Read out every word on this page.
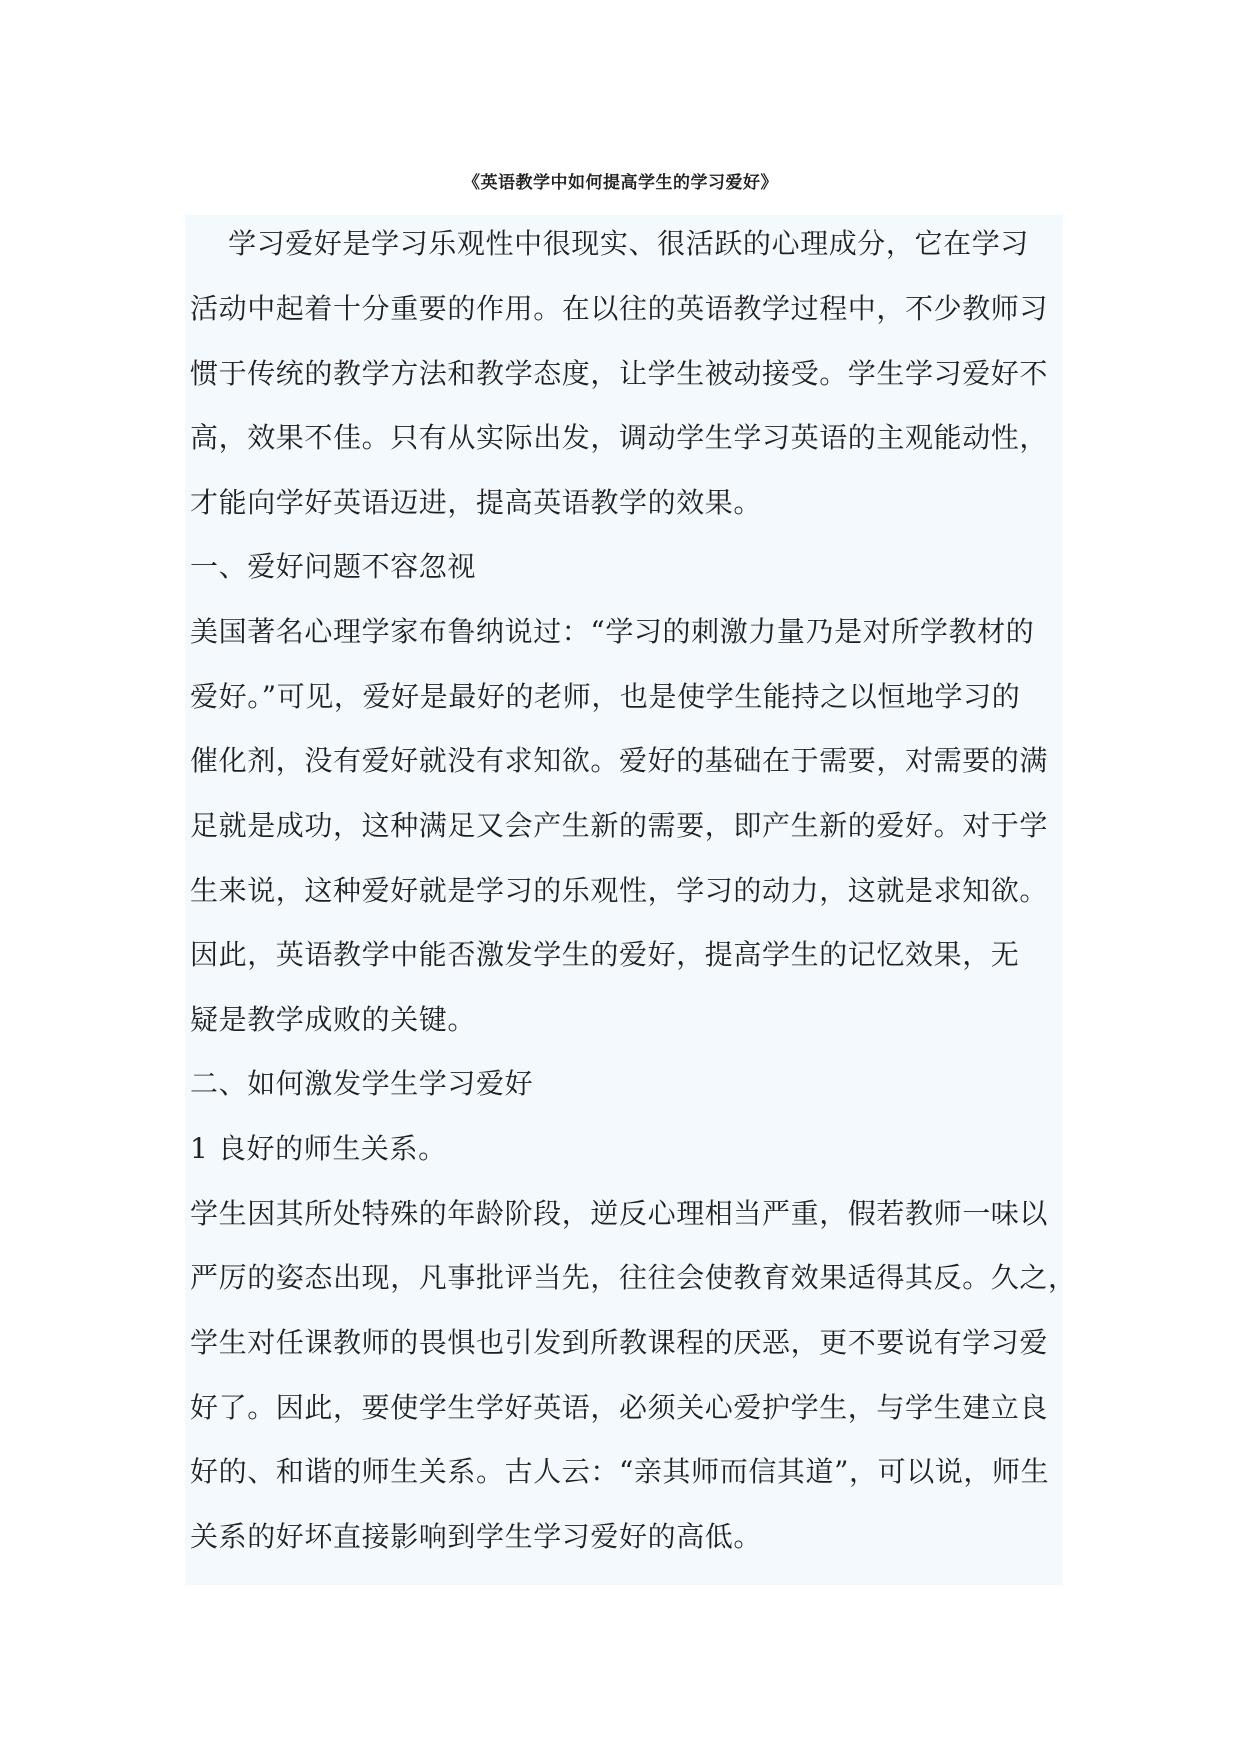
《英语教学中如何提高学生的学习爱好》
　 学习爱好是学习乐观性中很现实、很活跃的心理成分，它在学习
活动中起着十分重要的作用。在以往的英语教学过程中，不少教师习
惯于传统的教学方法和教学态度，让学生被动接受。学生学习爱好不
高，效果不佳。只有从实际出发，调动学生学习英语的主观能动性，
才能向学好英语迈进，提高英语教学的效果。
一、爱好问题不容忽视
美国著名心理学家布鲁纳说过：“学习的刺激力量乃是对所学教材的
爱好。”可见，爱好是最好的老师，也是使学生能持之以恒地学习的
催化剂，没有爱好就没有求知欲。爱好的基础在于需要，对需要的满
足就是成功，这种满足又会产生新的需要，即产生新的爱好。对于学
生来说，这种爱好就是学习的乐观性，学习的动力，这就是求知欲。
因此，英语教学中能否激发学生的爱好，提高学生的记忆效果，无
疑是教学成败的关键。
二、如何激发学生学习爱好
1 良好的师生关系。
学生因其所处特殊的年龄阶段，逆反心理相当严重，假若教师一味以
严厉的姿态出现，凡事批评当先，往往会使教育效果适得其反。久之，
学生对任课教师的畏惧也引发到所教课程的厌恶，更不要说有学习爱
好了。因此，要使学生学好英语，必须关心爱护学生，与学生建立良
好的、和谐的师生关系。古人云：“亲其师而信其道”，可以说，师生
关系的好坏直接影响到学生学习爱好的高低。
